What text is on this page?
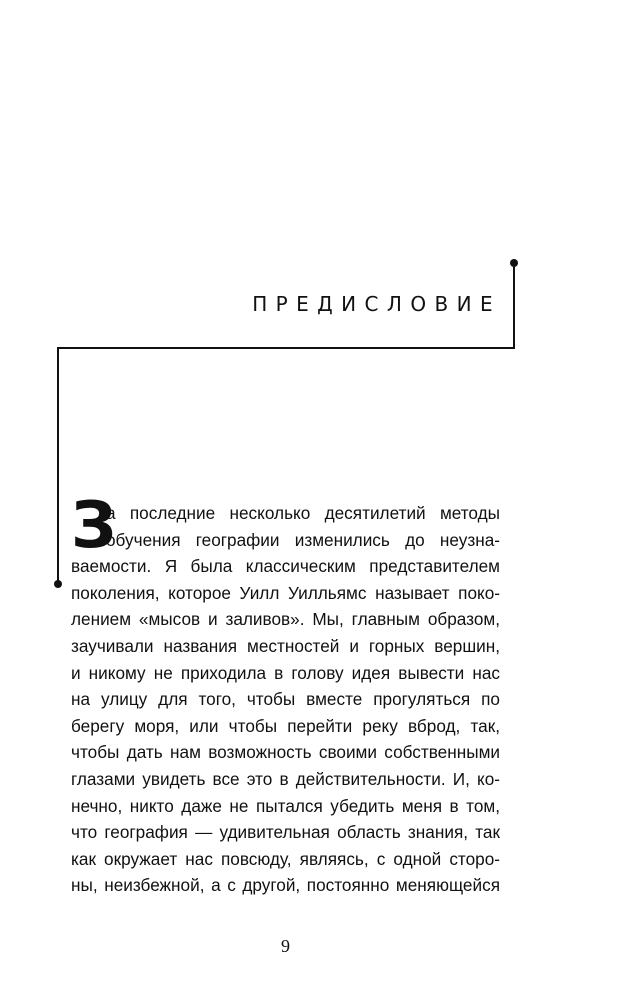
ПРЕДИСЛОВИЕ
З
а последние несколько десятилетий методы
обучения географии изменились до неузна-
ваемости. Я была классическим представителем
поколения, которое Уилл Уилльямс называет поко-
лением «мысов и заливов». Мы, главным образом,
заучивали названия местностей и горных вершин,
и никому не приходила в голову идея вывести нас
на улицу для того, чтобы вместе прогуляться по
берегу моря, или чтобы перейти реку вброд, так,
чтобы дать нам возможность своими собственными
глазами увидеть все это в действительности. И, ко-
нечно, никто даже не пытался убедить меня в том,
что география — удивительная область знания, так
как окружает нас повсюду, являясь, с одной сторо-
ны, неизбежной, а с другой, постоянно меняющейся
9
